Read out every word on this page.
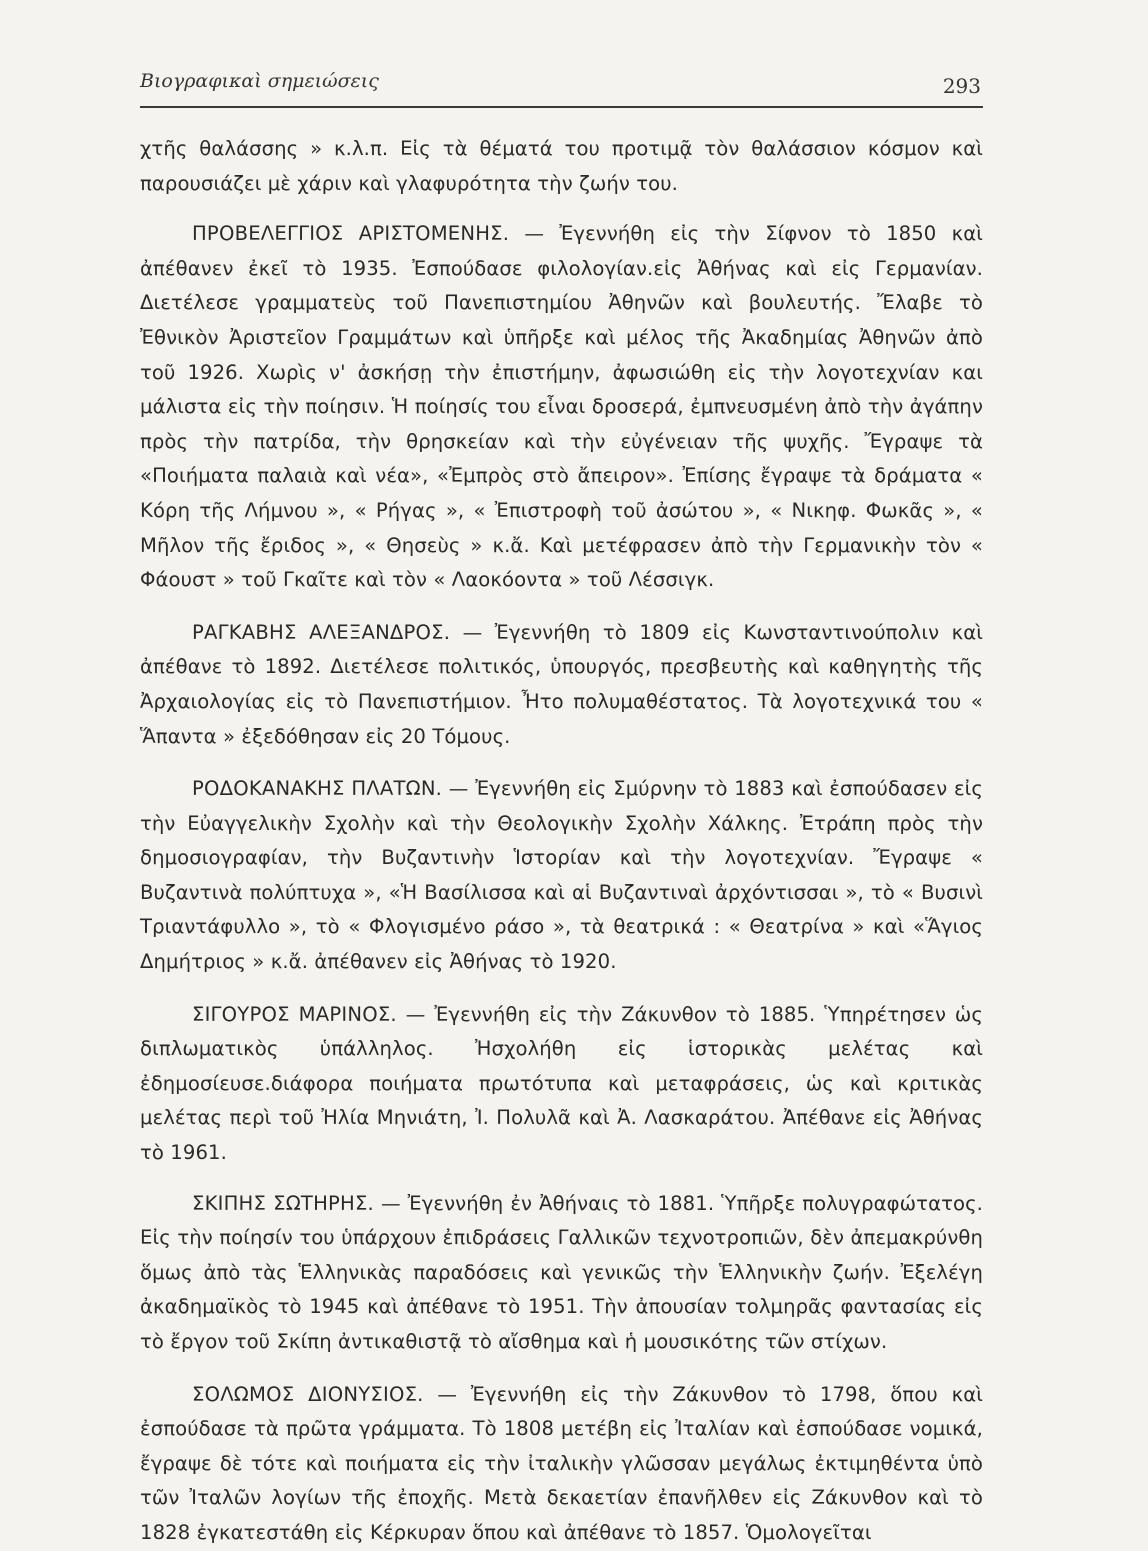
Βιογραφικαὶ σημειώσεις	293

χτῆς θαλάσσης » κ.λ.π. Εἰς τὰ θέματά του προτιμᾷ τὸν θαλάσσιον κόσμον καὶ παρουσιάζει μὲ χάριν καὶ γλαφυρότητα τὴν ζωήν του.

ΠΡΟΒΕΛΕΓΓΙΟΣ ΑΡΙΣΤΟΜΕΝΗΣ. — Ἐγεννήθη εἰς τὴν Σίφνον τὸ 1850 καὶ ἀπέθανεν ἐκεῖ τὸ 1935. Ἐσπούδασε φιλολογίαν.εἰς Ἀθήνας καὶ εἰς Γερμανίαν. Διετέλεσε γραμματεὺς τοῦ Πανεπιστημίου Ἀθηνῶν καὶ βουλευτής. Ἔλαβε τὸ Ἐθνικὸν Ἀριστεῖον Γραμμάτων καὶ ὑπῆρξε καὶ μέλος τῆς Ἀκαδημίας Ἀθηνῶν ἀπὸ τοῦ 1926. Χωρὶς ν' ἀσκήσῃ τὴν ἐπιστήμην, ἀφωσιώθη εἰς τὴν λογοτεχνίαν και μάλιστα εἰς τὴν ποίησιν. Ἡ ποίησίς του εἶναι δροσερά, ἐμπνευσμένη ἀπὸ τὴν ἀγάπην πρὸς τὴν πατρίδα, τὴν θρησκείαν καὶ τὴν εὐγένειαν τῆς ψυχῆς. Ἔγραψε τὰ «Ποιήματα παλαιὰ καὶ νέα», «Ἐμπρὸς στὸ ἄπειρον». Ἐπίσης ἔγραψε τὰ δράματα « Κόρη τῆς Λήμνου », « Ρήγας », « Ἐπιστροφὴ τοῦ ἀσώτου », « Νικηφ. Φωκᾶς », « Μῆλον τῆς ἔριδος », « Θησεὺς » κ.ἄ. Καὶ μετέφρασεν ἀπὸ τὴν Γερμανικὴν τὸν « Φάουστ » τοῦ Γκαῖτε καὶ τὸν « Λαοκόοντα » τοῦ Λέσσιγκ.

ΡΑΓΚΑΒΗΣ ΑΛΕΞΑΝΔΡΟΣ. — Ἐγεννήθη τὸ 1809 εἰς Κωνσταντινούπολιν καὶ ἀπέθανε τὸ 1892. Διετέλεσε πολιτικός, ὑπουργός, πρεσβευτὴς καὶ καθηγητὴς τῆς Ἀρχαιολογίας εἰς τὸ Πανεπιστήμιον. Ἦτο πολυμαθέστατος. Τὰ λογοτεχνικά του « Ἅπαντα » ἐξεδόθησαν εἰς 20 Τόμους.

ΡΟΔΟΚΑΝΑΚΗΣ ΠΛΑΤΩΝ. — Ἐγεννήθη εἰς Σμύρνην τὸ 1883 καὶ ἐσπούδασεν εἰς τὴν Εὐαγγελικὴν Σχολὴν καὶ τὴν Θεολογικὴν Σχολὴν Χάλκης. Ἐτράπη πρὸς τὴν δημοσιογραφίαν, τὴν Βυζαντινὴν Ἱστορίαν καὶ τὴν λογοτεχνίαν. Ἔγραψε « Βυζαντινὰ πολύπτυχα », «Ἡ Βασίλισσα καὶ αἱ Βυζαντιναὶ ἀρχόντισσαι », τὸ « Βυσινὶ Τριαντάφυλλο », τὸ « Φλογισμένο ράσο », τὰ θεατρικά : « Θεατρίνα » καὶ «Ἅγιος Δημήτριος » κ.ἄ. ἀπέθανεν εἰς Ἀθήνας τὸ 1920.

ΣΙΓΟΥΡΟΣ ΜΑΡΙΝΟΣ. — Ἐγεννήθη εἰς τὴν Ζάκυνθον τὸ 1885. Ὑπηρέτησεν ὡς διπλωματικὸς ὑπάλληλος. Ἠσχολήθη εἰς ἱστορικὰς μελέτας καὶ ἐδημοσίευσε.διάφορα ποιήματα πρωτότυπα καὶ μεταφράσεις, ὡς καὶ κριτικὰς μελέτας περὶ τοῦ Ἠλία Μηνιάτη, Ἰ. Πολυλᾶ καὶ Ἀ. Λασκαράτου. Ἀπέθανε εἰς Ἀθήνας τὸ 1961.

ΣΚΙΠΗΣ ΣΩΤΗΡΗΣ. — Ἐγεννήθη ἐν Ἀθήναις τὸ 1881. Ὑπῆρξε πολυγραφώτατος. Εἰς τὴν ποίησίν του ὑπάρχουν ἐπιδράσεις Γαλλικῶν τεχνοτροπιῶν, δὲν ἀπεμακρύνθη ὅμως ἀπὸ τὰς Ἑλληνικὰς παραδόσεις καὶ γενικῶς τὴν Ἑλληνικὴν ζωήν. Ἐξελέγη ἀκαδημαϊκὸς τὸ 1945 καὶ ἀπέθανε τὸ 1951. Τὴν ἀπουσίαν τολμηρᾶς φαντασίας εἰς τὸ ἔργον τοῦ Σκίπη ἀντικαθιστᾷ τὸ αἴσθημα καὶ ἡ μουσικότης τῶν στίχων.

ΣΟΛΩΜΟΣ ΔΙΟΝΥΣΙΟΣ. — Ἐγεννήθη εἰς τὴν Ζάκυνθον τὸ 1798, ὅπου καὶ ἐσπούδασε τὰ πρῶτα γράμματα. Τὸ 1808 μετέβη εἰς Ἰταλίαν καὶ ἐσπούδασε νομικά, ἔγραψε δὲ τότε καὶ ποιήματα εἰς τὴν ἰταλικὴν γλῶσσαν μεγάλως ἐκτιμηθέντα ὑπὸ τῶν Ἰταλῶν λογίων τῆς ἐποχῆς. Μετὰ δεκαετίαν ἐπανῆλθεν εἰς Ζάκυνθον καὶ τὸ 1828 ἐγκατεστάθη εἰς Κέρκυραν ὅπου καὶ ἀπέθανε τὸ 1857. Ὁμολογεῖται
